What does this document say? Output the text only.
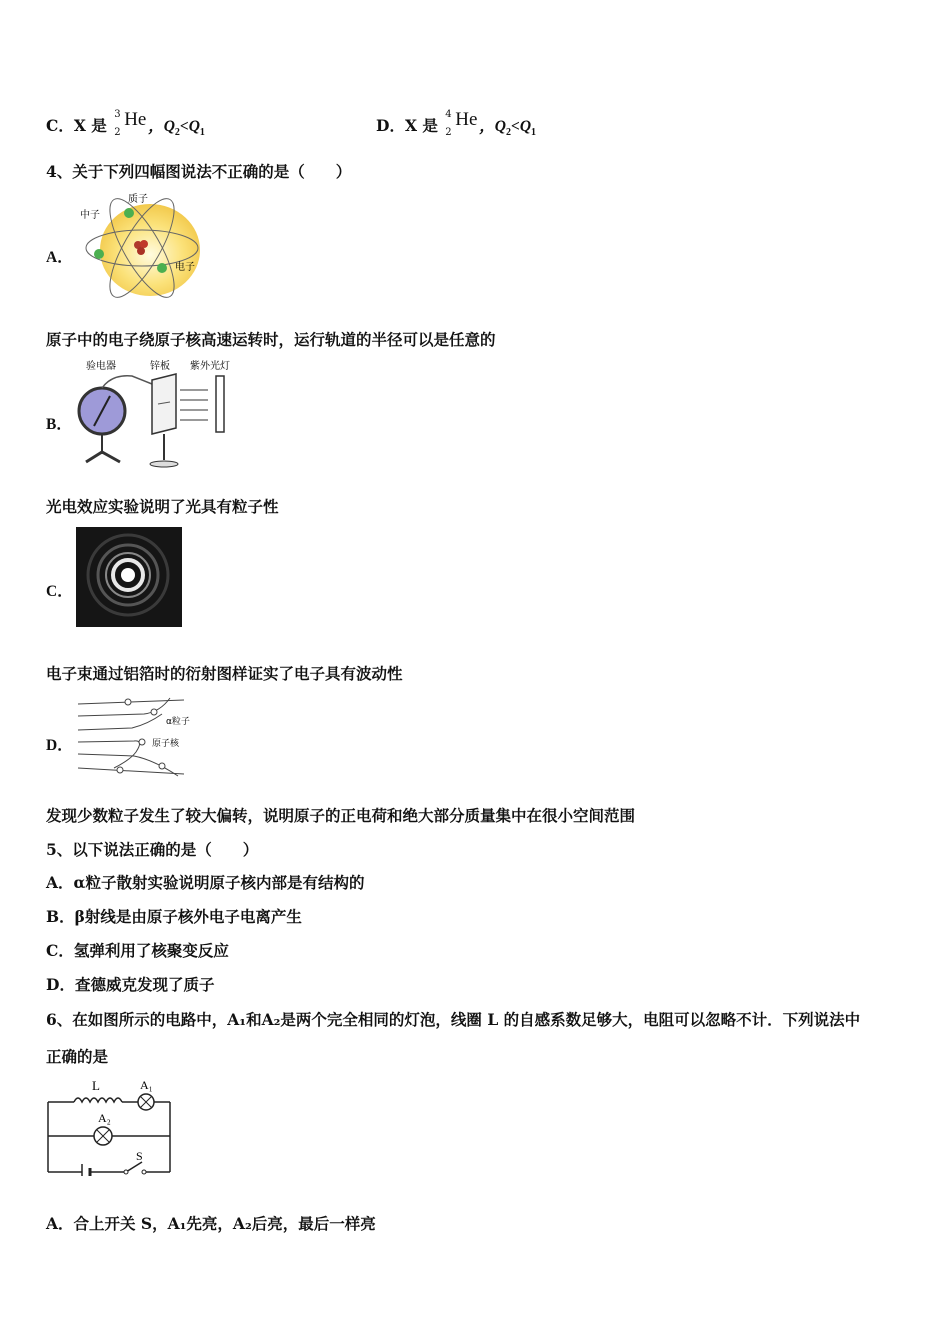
C．X 是
3
2
He ，$Q_2<Q_1$	D．X 是
4
2
He ，$Q_2<Q_1$
4、关于下列四幅图说法不正确的是（　　）
A．
中子
质子
电子
原子中的电子绕原子核高速运转时，运行轨道的半径可以是任意的
B．
验电器	锌板 紫外光灯
光电效应实验说明了光具有粒子性
C．
电子束通过铝箔时的衍射图样证实了电子具有波动性
D．
α粒子
原子核
发现少数粒子发生了较大偏转，说明原子的正电荷和绝大部分质量集中在很小空间范围
5、以下说法正确的是（　　）
A．α粒子散射实验说明原子核内部是有结构的
B．β射线是由原子核外电子电离产生
C．氢弹利用了核聚变反应
D．查德威克发现了质子
6、在如图所示的电路中，A₁和A₂是两个完全相同的灯泡，线圈 L 的自感系数足够大，电阻可以忽略不计．下列说法中
正确的是
L	A₁
A₂
S
A．合上开关 S，A₁先亮，A₂后亮，最后一样亮
